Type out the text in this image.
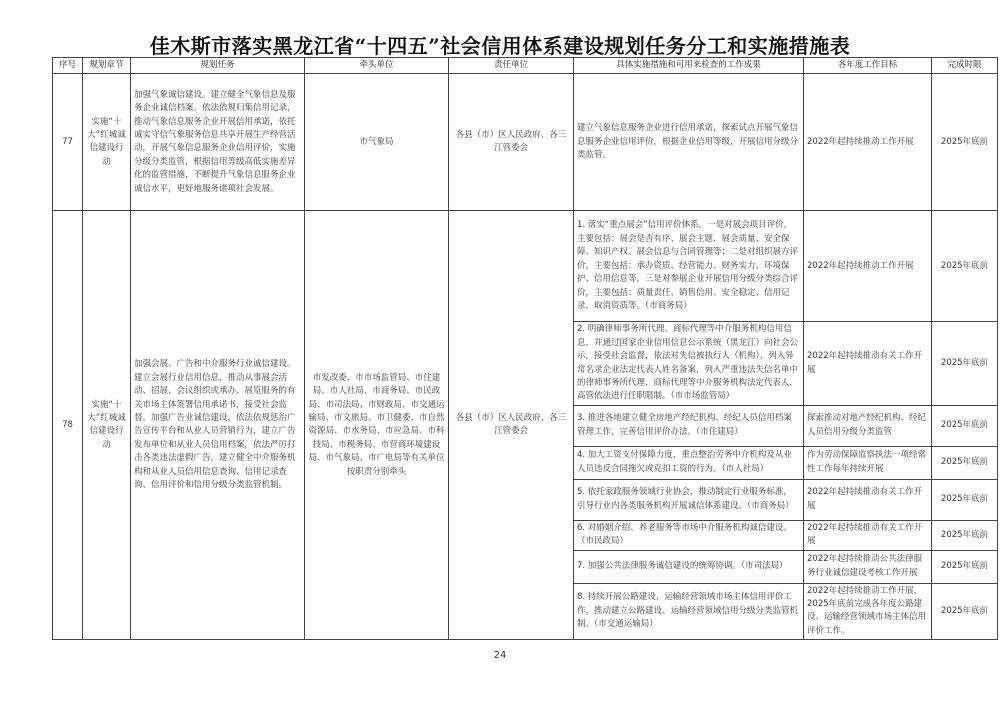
佳木斯市落实黑龙江省“十四五”社会信用体系建设规划任务分工和实施措施表
序号	规划章节	规划任务	牵头单位	责任单位	具体实施措施和可用来检查的工作成果	各年度工作目标	完成时限
77	实施“十大”红城诚信建设行动	加强气象诚信建设。建立健全气象信息及服务企业诚信档案。依法依规归集信用记录，推动气象信息服务企业开展信用承诺，依托诚实守信气象服务信息共享开展生产经营活动，开展气象信息服务企业信用评价，实施分级分类监管，根据信用等级高低实施差异化的监管措施，不断提升气象信息服务企业诚信水平，更好地服务诸项社会发展。	市气象局	各县（市）区人民政府、各三江管委会	建立气象信息服务企业进行信用承诺，探索试点开展气象信息服务企业信用评价，根据企业信用等级，开展信用分级分类监管。	2022年起持续推动工作开展	2025年底前
78	实施“十大”红城诚信建设行动	加强会展、广告和中介服务行业诚信建设。建立会展行业信用信息，推动从事展会活动、招展、会议组织或承办、展览服务的有关市场主体签署信用承诺书，接受社会监督。加强广告业诚信建设，依法依规惩治广告宣传平台和从业人员营销行为，建立广告发布单位和从业人员信用档案，依法严厉打击各类违法虚假广告，建立健全中介服务机构和从业人员信用信息查询、信用记录查询、信用评价和信用分级分类监管机制。	市发改委、市市场监管局、市住建局、市人社局、市商务局、市民政局、市司法局、市财政局、市交通运输局、市文旅局、市卫健委、市自然资源局、市水务局、市应急局、市科技局、市税务局、市营商环境建设局、市气象局、市广电局等有关单位按职责分别牵头	各县（市）区人民政府、各三江管委会	1. 落实“重点展会”信用评价体系，一是对展会项目评价，主要包括：展会是否有序、展会主题、展会质量、安全保障、知识产权、展会信息与合同管理等；二是对组织展方评价，主要包括：承办资质、经营能力、财务实力、环境保护、信用信息等，三是对参展企业开展信用分级分类综合评价，主要包括：质量责任、销售信用、安全稳定、信用记录、取消资质等。（市商务局）	2022年起持续推动工作开展	2025年底前
					2. 明确律师事务所代理、商标代理等中介服务机构信用信息，并通过国家企业信用信息公示系统（黑龙江）向社会公示，接受社会监督，依法对失信被执行人（机构）、列入异常名录企业法定代表人姓名备案，列入严重违法失信名单中的律师事务所代理、商标代理等中介服务机构法定代表人，高管依法进行任职限制。（市市场监管局）	2022年起持续推动有关工作开展	2025年底前
					3. 推进各地建立健全房地产经纪机构、经纪人员信用档案管理工作，完善信用评价办法。（市住建局）	探索推动对地产经纪机构、经纪人员信用分级分类监管	2025年底前
					4. 加大工资支付保障力度，重点整治劳务中介机构及从业人员违反合同拖欠或克扣工资的行为。（市人社局）	作为劳动保障监察执法一项经常性工作每年持续开展	2025年底前
					5. 依托家政服务领域行业协会，推动制定行业服务标准，引导行业内各类服务机构开展诚信体系建设。（市商务局）	2022年起持续推动有关工作开展	2025年底前
					6. 对婚姻介绍、养老服务等市场中介服务机构诚信建设。（市民政局）	2022年起持续推动有关工作开展	2025年底前
					7. 加强公共法律服务诚信建设的统筹协调。（市司法局）	2022年起持续推动公共法律服务行业诚信建设考核工作开展	2025年底前
					8. 持续开展公路建设、运输经营领域市场主体信用评价工作，推动建立公路建设、运输经营领域信用分级分类监管机制。（市交通运输局）	2022年起持续推动工作开展，2025年底前完成各年度公路建设、运输经营领域市场主体信用评价工作。	2025年底前
24
